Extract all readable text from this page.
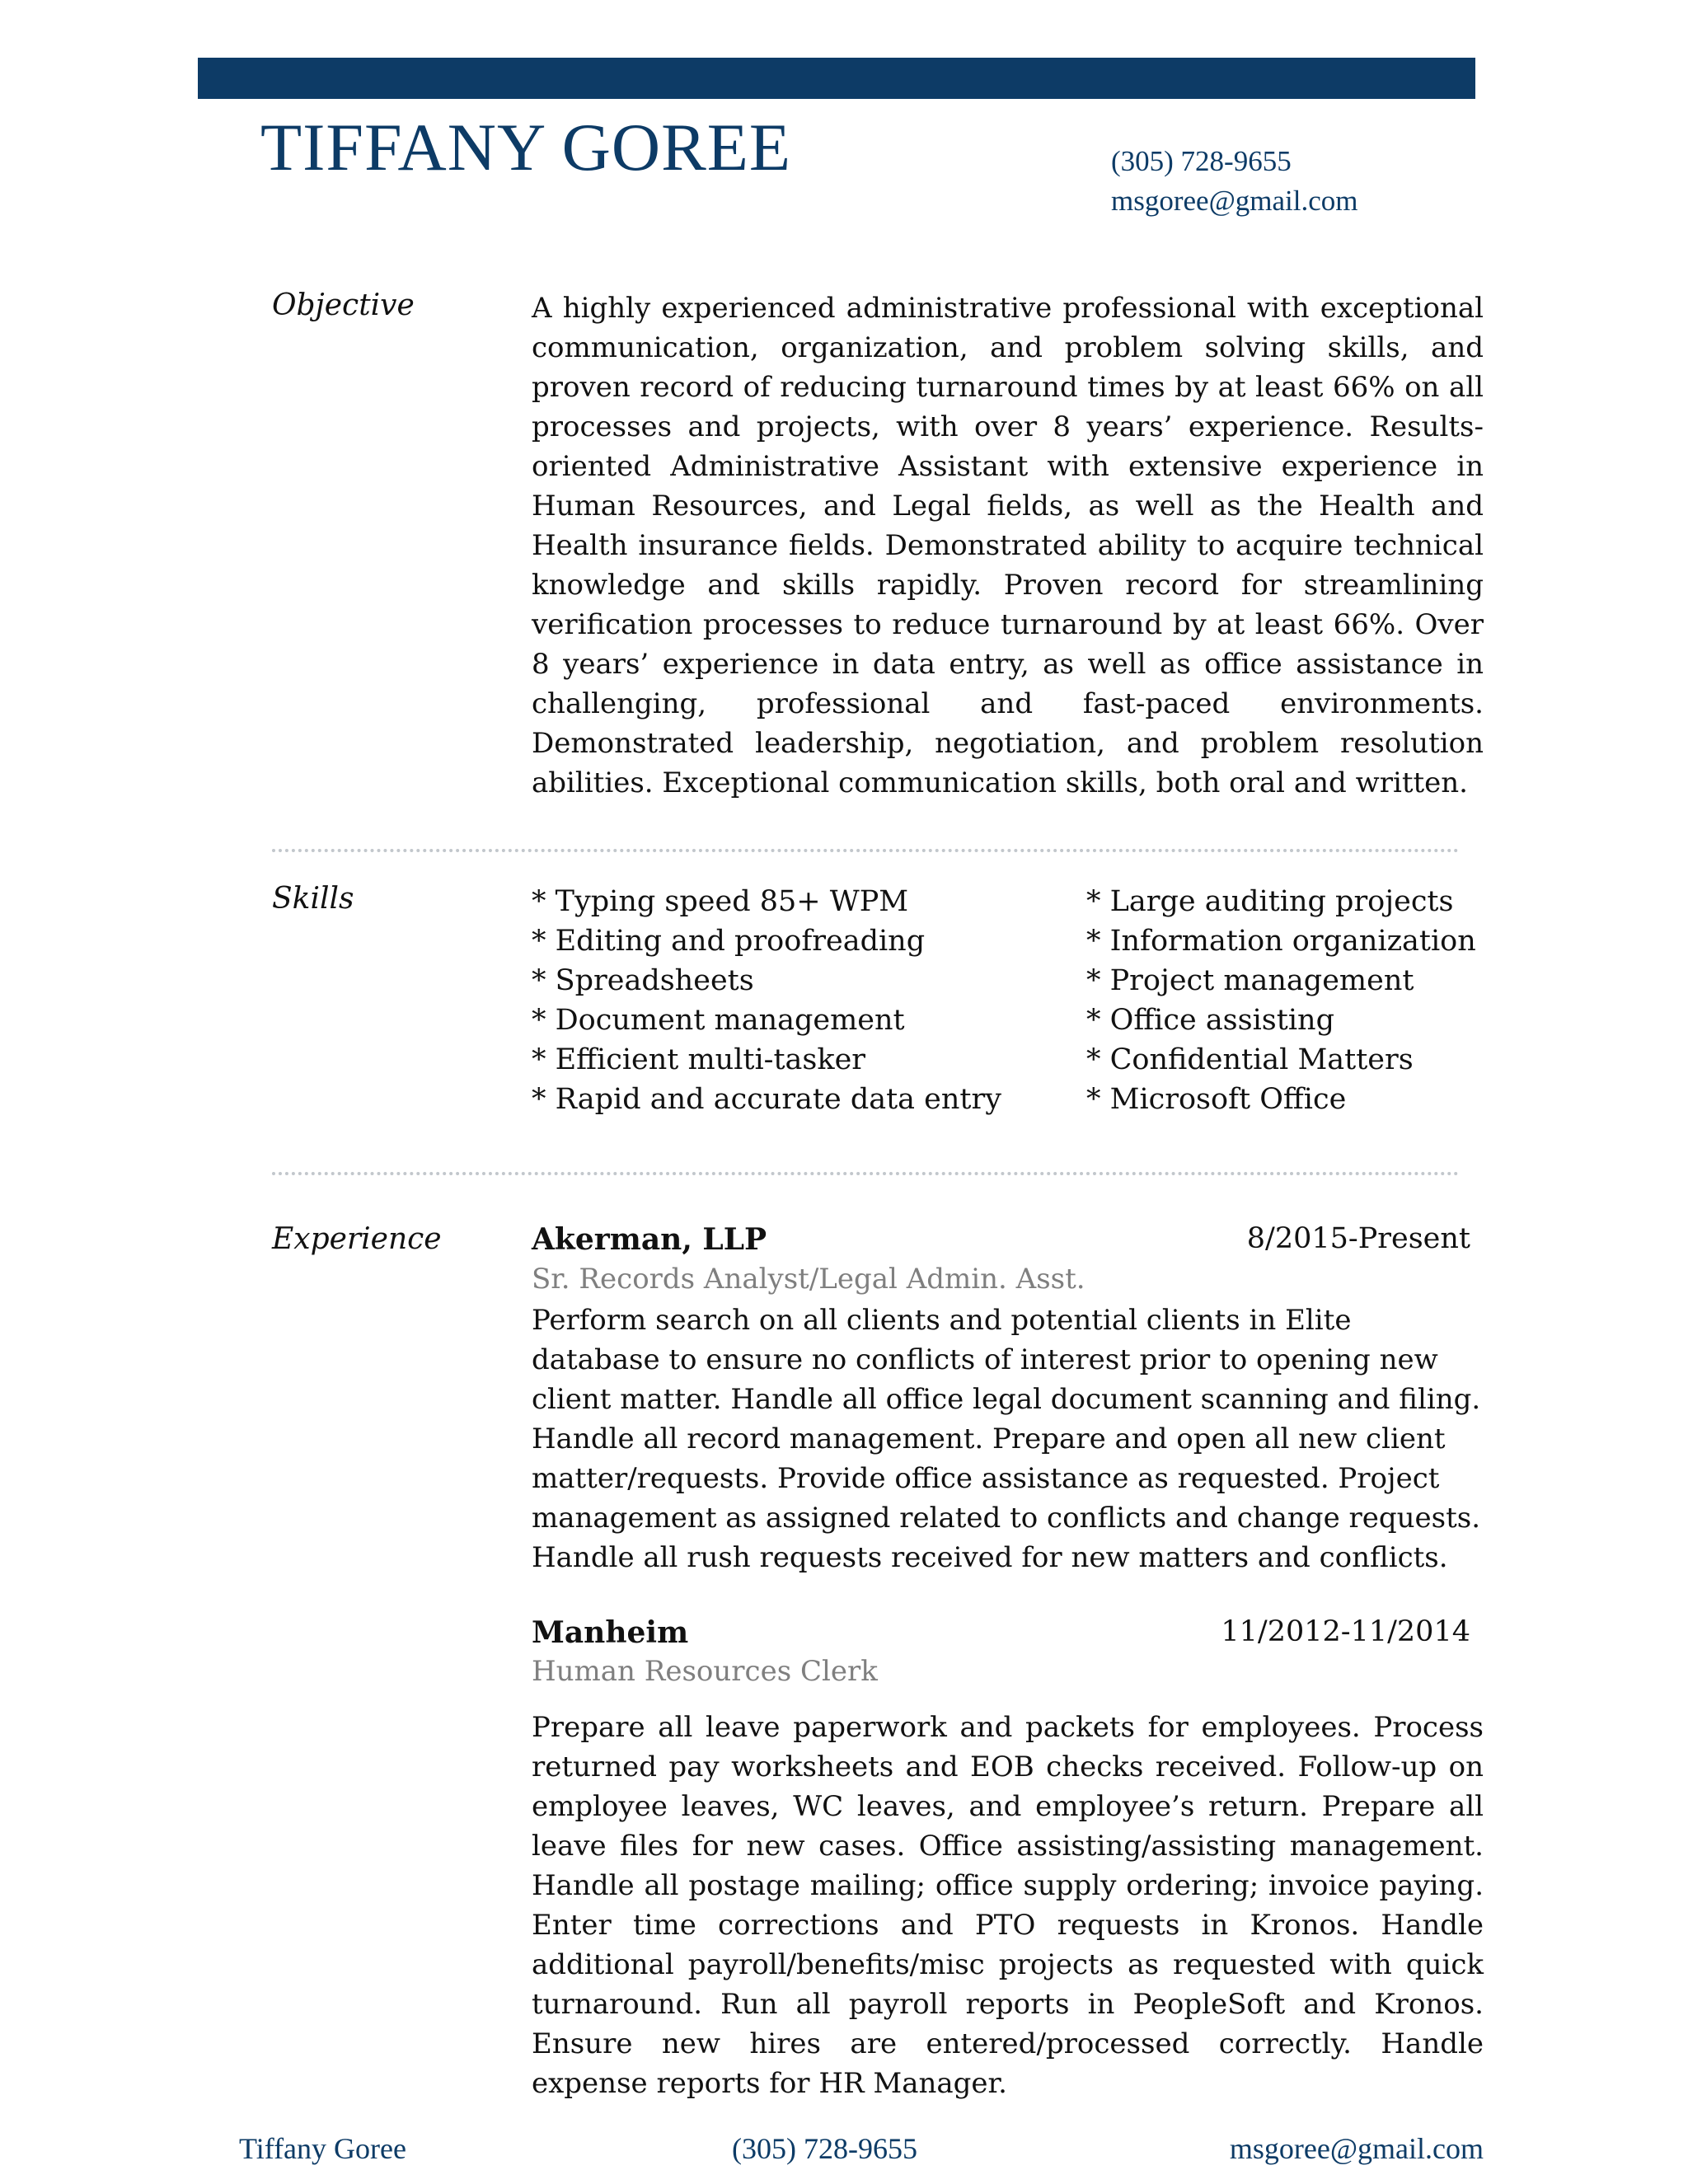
TIFFANY GOREE	(305) 728-9655
msgoree@gmail.com
Objective	A highly experienced administrative professional with exceptional communication, organization, and problem solving skills, and proven record of reducing turnaround times by at least 66% on all processes and projects, with over 8 years’ experience. Results-oriented Administrative Assistant with extensive experience in Human Resources, and Legal fields, as well as the Health and Health insurance fields. Demonstrated ability to acquire technical knowledge and skills rapidly. Proven record for streamlining verification processes to reduce turnaround by at least 66%. Over 8 years’ experience in data entry, as well as office assistance in challenging, professional and fast-paced environments. Demonstrated leadership, negotiation, and problem resolution abilities. Exceptional communication skills, both oral and written.

Skills	* Typing speed 85+ WPM
* Editing and proofreading
* Spreadsheets
* Document management
* Efficient multi-tasker
* Rapid and accurate data entry
* Large auditing projects
* Information organization
* Project management
* Office assisting
* Confidential Matters
* Microsoft Office
Experience	Akerman, LLP	8/2015-Present
Sr. Records Analyst/Legal Admin. Asst.

Perform search on all clients and potential clients in Elite database to ensure no conflicts of interest prior to opening new client matter. Handle all office legal document scanning and filing. Handle all record management. Prepare and open all new client matter/requests. Provide office assistance as requested. Project management as assigned related to conflicts and change requests. Handle all rush requests received for new matters and conflicts.

Manheim	11/2012-11/2014
Human Resources Clerk

Prepare all leave paperwork and packets for employees. Process returned pay worksheets and EOB checks received. Follow-up on employee leaves, WC leaves, and employee’s return. Prepare all leave files for new cases. Office assisting/assisting management. Handle all postage mailing; office supply ordering; invoice paying. Enter time corrections and PTO requests in Kronos. Handle additional payroll/benefits/misc projects as requested with quick turnaround. Run all payroll reports in PeopleSoft and Kronos. Ensure new hires are entered/processed correctly. Handle expense reports for HR Manager.

Tiffany Goree	(305) 728-9655	msgoree@gmail.com
